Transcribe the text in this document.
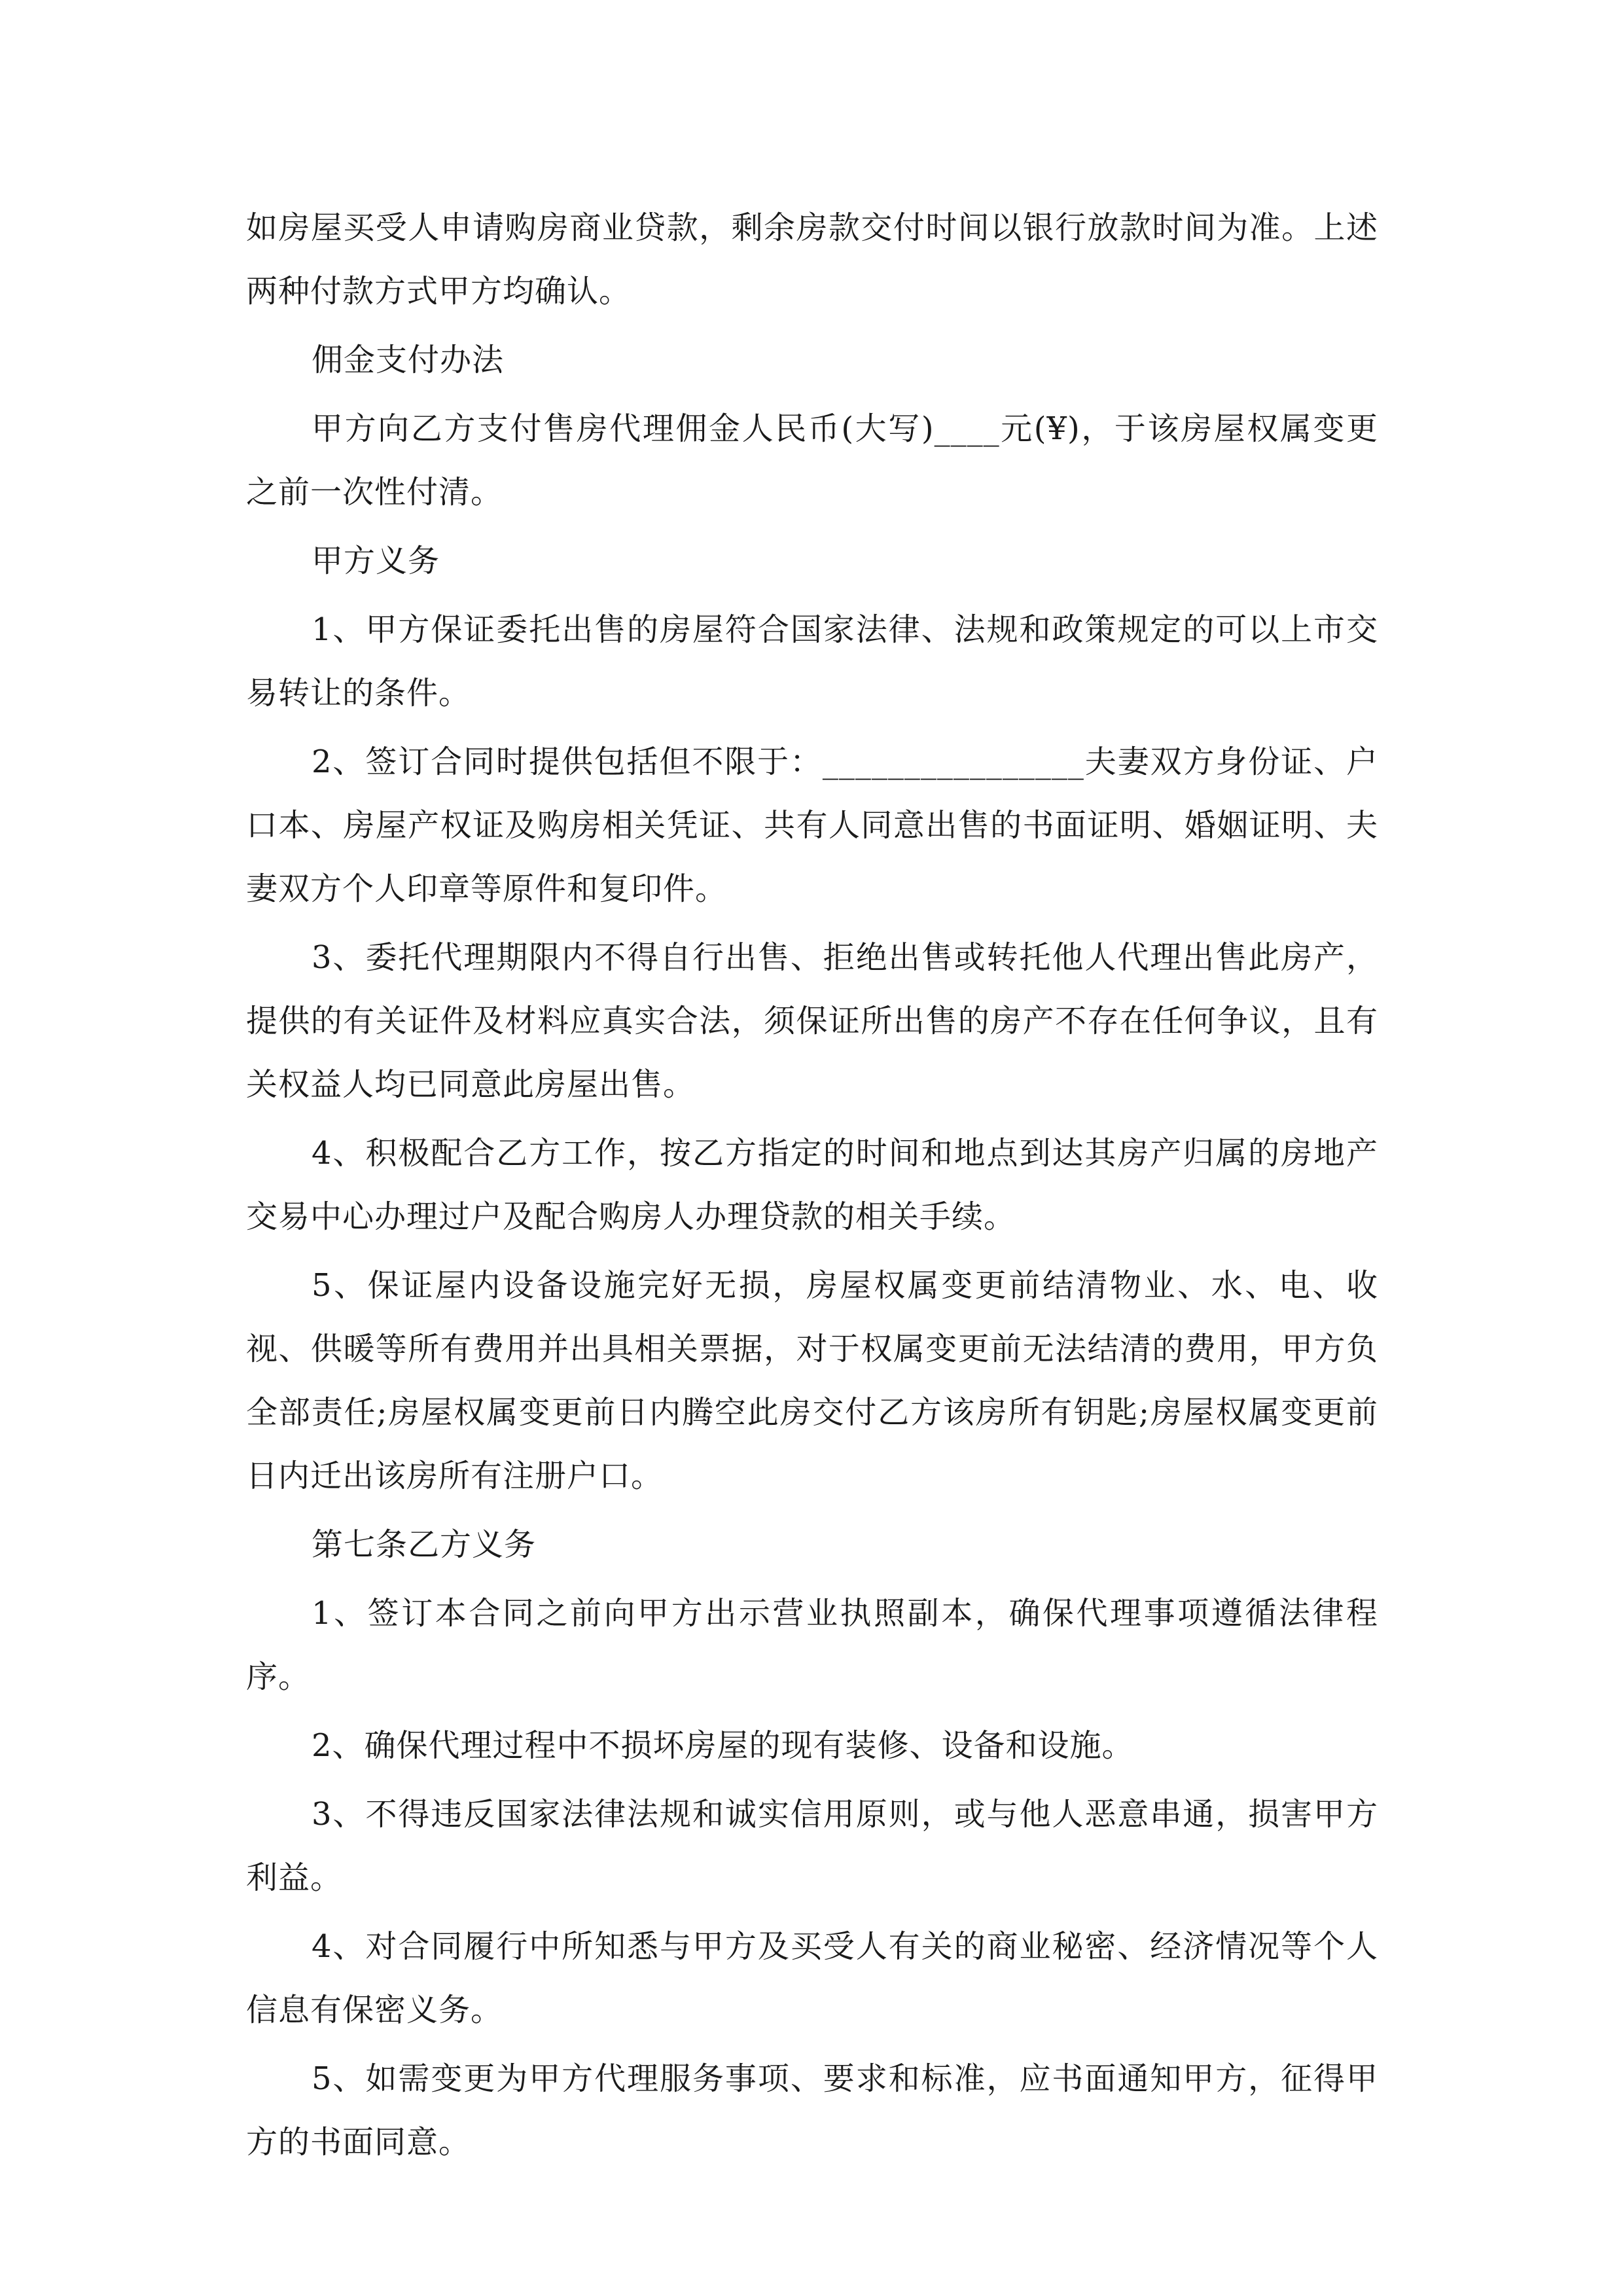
如房屋买受人申请购房商业贷款，剩余房款交付时间以银行放款时间为准。上述两种付款方式甲方均确认。

佣金支付办法

甲方向乙方支付售房代理佣金人民币(大写)____元(¥)，于该房屋权属变更之前一次性付清。

甲方义务

1、甲方保证委托出售的房屋符合国家法律、法规和政策规定的可以上市交易转让的条件。

2、签订合同时提供包括但不限于：________________夫妻双方身份证、户口本、房屋产权证及购房相关凭证、共有人同意出售的书面证明、婚姻证明、夫妻双方个人印章等原件和复印件。

3、委托代理期限内不得自行出售、拒绝出售或转托他人代理出售此房产，提供的有关证件及材料应真实合法，须保证所出售的房产不存在任何争议，且有关权益人均已同意此房屋出售。

4、积极配合乙方工作，按乙方指定的时间和地点到达其房产归属的房地产交易中心办理过户及配合购房人办理贷款的相关手续。

5、保证屋内设备设施完好无损，房屋权属变更前结清物业、水、电、收视、供暖等所有费用并出具相关票据，对于权属变更前无法结清的费用，甲方负全部责任;房屋权属变更前日内腾空此房交付乙方该房所有钥匙;房屋权属变更前日内迁出该房所有注册户口。

第七条乙方义务

1、签订本合同之前向甲方出示营业执照副本，确保代理事项遵循法律程序。

2、确保代理过程中不损坏房屋的现有装修、设备和设施。

3、不得违反国家法律法规和诚实信用原则，或与他人恶意串通，损害甲方利益。

4、对合同履行中所知悉与甲方及买受人有关的商业秘密、经济情况等个人信息有保密义务。

5、如需变更为甲方代理服务事项、要求和标准，应书面通知甲方，征得甲方的书面同意。
